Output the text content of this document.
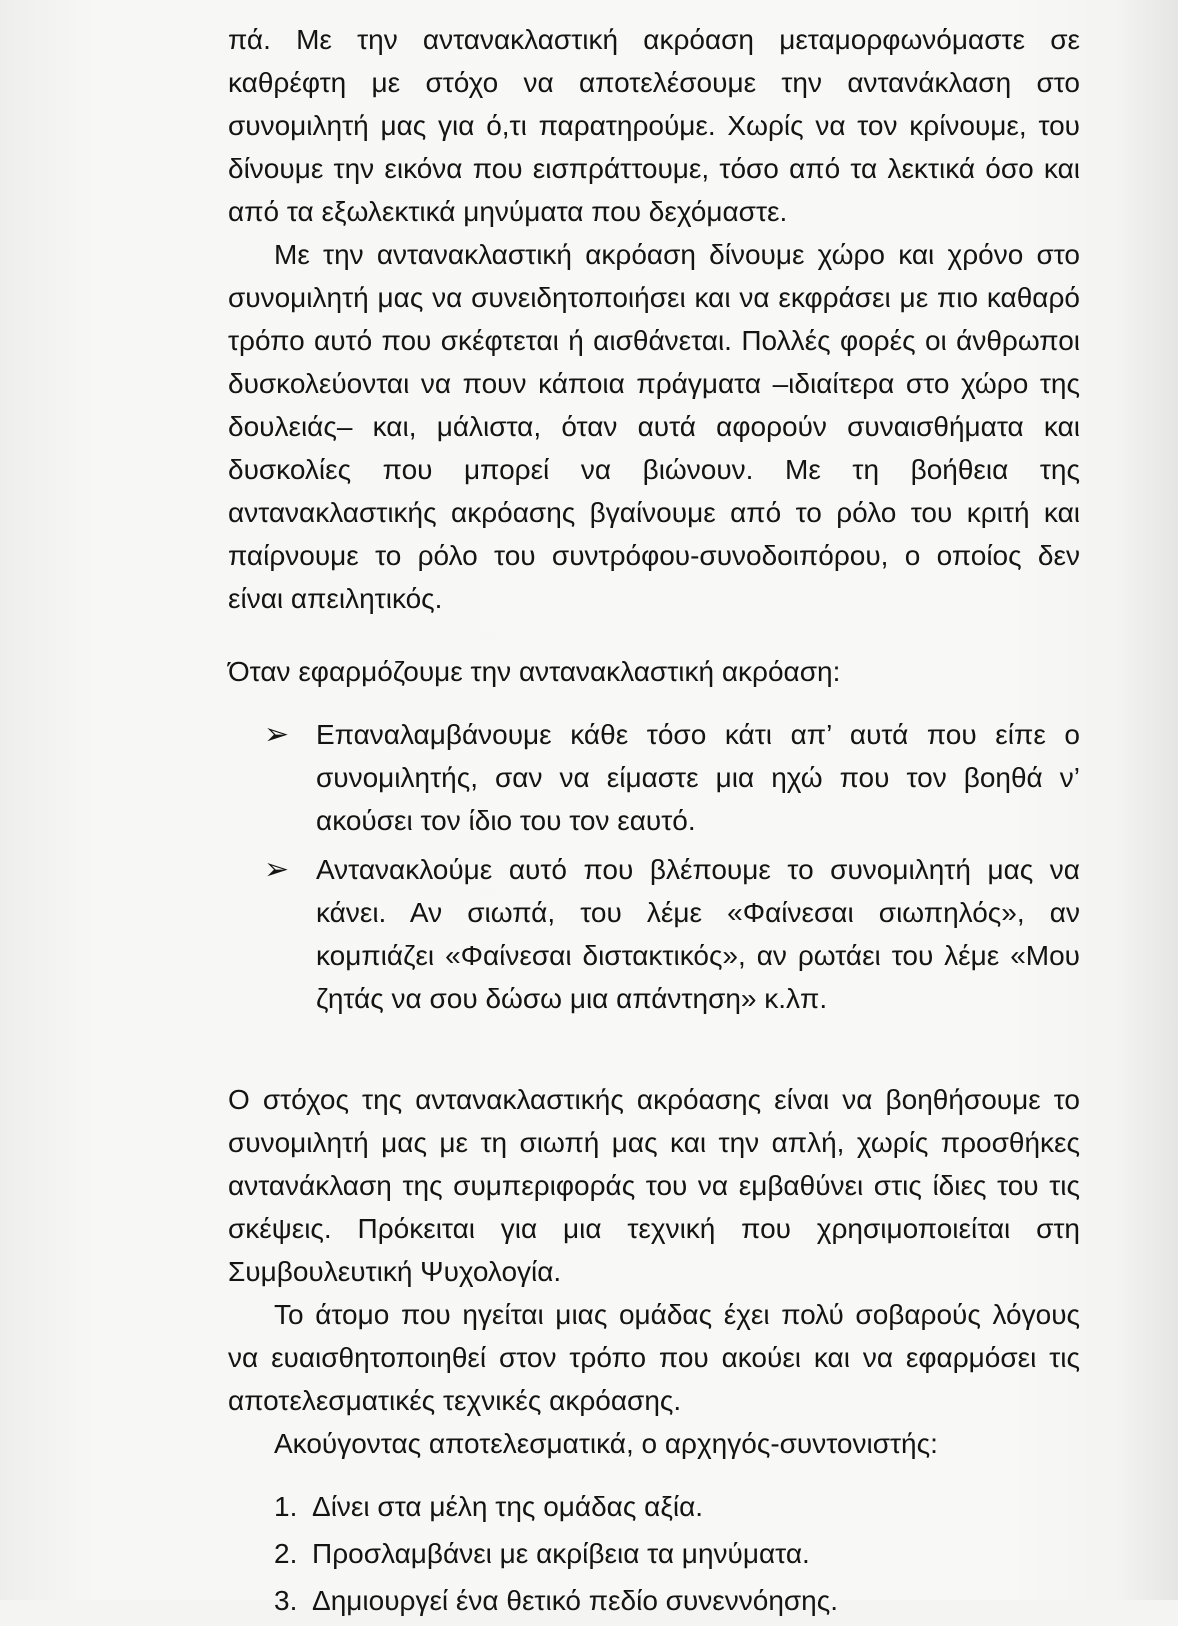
πά. Με την αντανακλαστική ακρόαση μεταμορφωνόμαστε σε καθρέφτη με στόχο να αποτελέσουμε την αντανάκλαση στο συνομιλητή μας για ό,τι παρατηρούμε. Χωρίς να τον κρίνουμε, του δίνουμε την εικόνα που εισπράττουμε, τόσο από τα λεκτικά όσο και από τα εξωλεκτικά μηνύματα που δεχόμαστε.

Με την αντανακλαστική ακρόαση δίνουμε χώρο και χρόνο στο συνομιλητή μας να συνειδητοποιήσει και να εκφράσει με πιο καθαρό τρόπο αυτό που σκέφτεται ή αισθάνεται. Πολλές φορές οι άνθρωποι δυσκολεύονται να πουν κάποια πράγματα –ιδιαίτερα στο χώρο της δουλειάς– και, μάλιστα, όταν αυτά αφορούν συναισθήματα και δυσκολίες που μπορεί να βιώνουν. Με τη βοήθεια της αντανακλαστικής ακρόασης βγαίνουμε από το ρόλο του κριτή και παίρνουμε το ρόλο του συντρόφου-συνοδοιπόρου, ο οποίος δεν είναι απειλητικός.

Όταν εφαρμόζουμε την αντανακλαστική ακρόαση:

➢ Επαναλαμβάνουμε κάθε τόσο κάτι απ’ αυτά που είπε ο συνομιλητής, σαν να είμαστε μια ηχώ που τον βοηθά ν’ ακούσει τον ίδιο του τον εαυτό.
➢ Αντανακλούμε αυτό που βλέπουμε το συνομιλητή μας να κάνει. Αν σιωπά, του λέμε «Φαίνεσαι σιωπηλός», αν κομπιάζει «Φαίνεσαι διστακτικός», αν ρωτάει του λέμε «Μου ζητάς να σου δώσω μια απάντηση» κ.λπ.

Ο στόχος της αντανακλαστικής ακρόασης είναι να βοηθήσουμε το συνομιλητή μας με τη σιωπή μας και την απλή, χωρίς προσθήκες αντανάκλαση της συμπεριφοράς του να εμβαθύνει στις ίδιες του τις σκέψεις. Πρόκειται για μια τεχνική που χρησιμοποιείται στη Συμβουλευτική Ψυχολογία.

Το άτομο που ηγείται μιας ομάδας έχει πολύ σοβαρούς λόγους να ευαισθητοποιηθεί στον τρόπο που ακούει και να εφαρμόσει τις αποτελεσματικές τεχνικές ακρόασης.

Ακούγοντας αποτελεσματικά, ο αρχηγός-συντονιστής:

1. Δίνει στα μέλη της ομάδας αξία.
2. Προσλαμβάνει με ακρίβεια τα μηνύματα.
3. Δημιουργεί ένα θετικό πεδίο συνεννόησης.
